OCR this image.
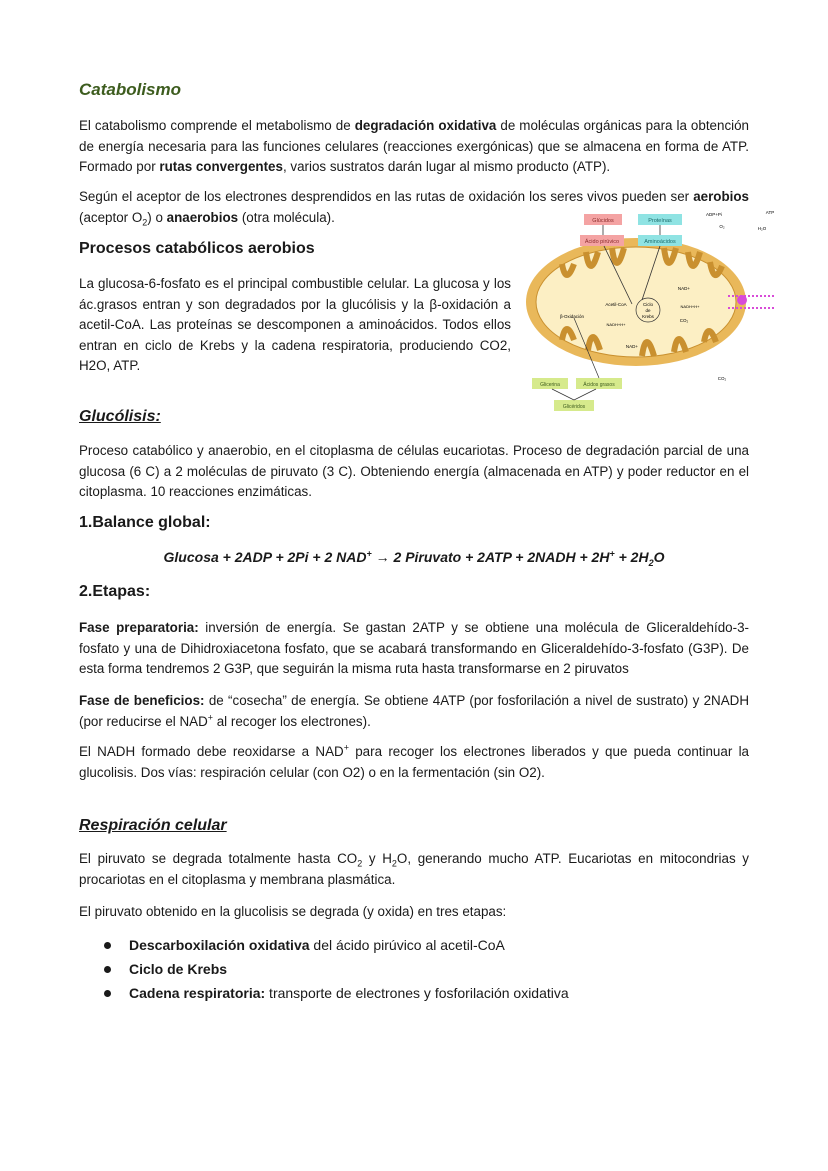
Catabolismo
El catabolismo comprende el metabolismo de degradación oxidativa de moléculas orgánicas para la obtención de energía necesaria para las funciones celulares (reacciones exergónicas) que se almacena en forma de ATP. Formado por rutas convergentes, varios sustratos darán lugar al mismo producto (ATP).
Según el aceptor de los electrones desprendidos en las rutas de oxidación los seres vivos pueden ser aerobios (aceptor $O_2$) o anaerobios (otra molécula).
Procesos catabólicos aerobios
La glucosa-6-fosfato es el principal combustible celular. La glucosa y los ác.grasos entran y son degradados por la glucólisis y la β-oxidación a acetil-CoA. Las proteínas se descomponen a aminoácidos. Todos ellos entran en ciclo de Krebs y la cadena respiratoria, produciendo CO2, H2O, ATP.
Glúcidos	Proteínas
Ácido pirúvico	Aminoácidos
Acetil-CoA	Ciclo
de
Krebs
β-Oxidación
NADH+H+
NAD+
NADH+H+
NAD+
CO₂
CO₂
ADP+Pi	ATP
O₂	H₂O
Glicerina	Ácidos grasos
Glicéridos
Glucólisis:
Proceso catabólico y anaerobio, en el citoplasma de células eucariotas. Proceso de degradación parcial de una glucosa (6 C) a 2 moléculas de piruvato (3 C). Obteniendo energía (almacenada en ATP) y poder reductor en el citoplasma. 10 reacciones enzimáticas.
1.Balance global:
Glucosa + 2ADP + 2Pi + 2 NAD+ → 2 Piruvato + 2ATP + 2NADH + $2H^+ + 2H_2O$
2.Etapas:
Fase preparatoria: inversión de energía. Se gastan 2ATP y se obtiene una molécula de Gliceraldehído-3-fosfato y una de Dihidroxiacetona fosfato, que se acabará transformando en Gliceraldehído-3-fosfato (G3P). De esta forma tendremos 2 G3P, que seguirán la misma ruta hasta transformarse en 2 piruvatos
Fase de beneficios: de “cosecha” de energía. Se obtiene 4ATP (por fosforilación a nivel de sustrato) y 2NADH (por reducirse el NAD+ al recoger los electrones).
El NADH formado debe reoxidarse a NAD+ para recoger los electrones liberados y que pueda continuar la glucolisis. Dos vías: respiración celular (con O2) o en la fermentación (sin O2).
Respiración celular
El piruvato se degrada totalmente hasta $CO_2$ y $H_2O$, generando mucho ATP. Eucariotas en mitocondrias y procariotas en el citoplasma y membrana plasmática.
El piruvato obtenido en la glucolisis se degrada (y oxida) en tres etapas:
Descarboxilación oxidativa del ácido pirúvico al acetil-CoA
Ciclo de Krebs
Cadena respiratoria: transporte de electrones y fosforilación oxidativa
